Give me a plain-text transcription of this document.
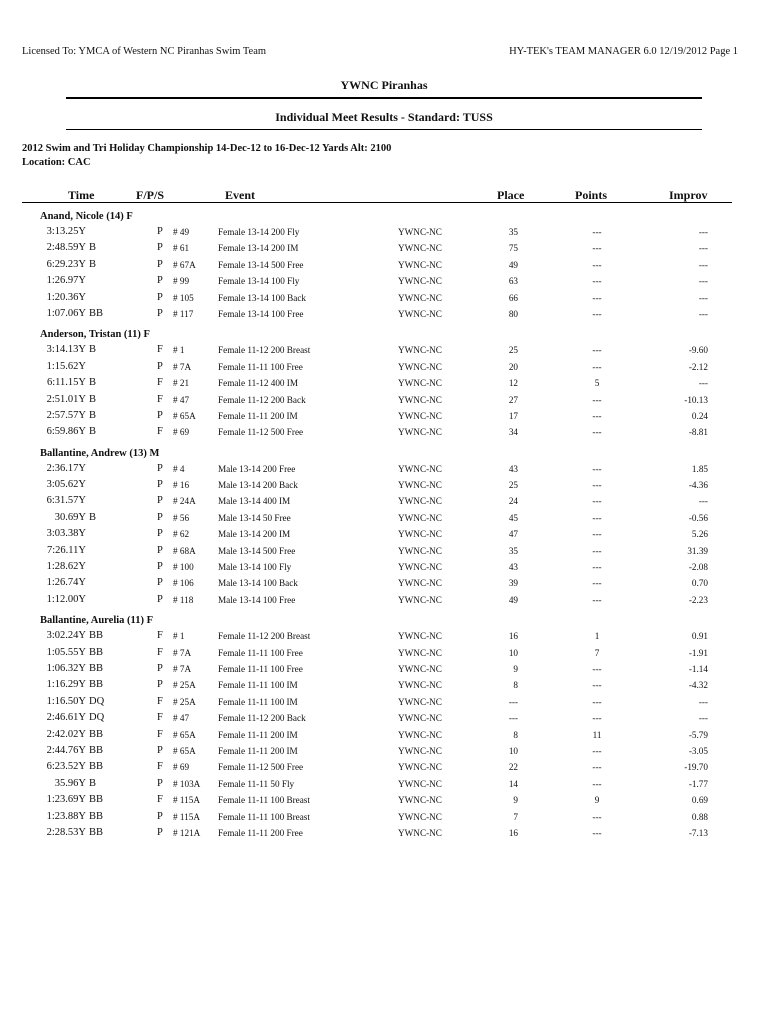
Licensed To: YMCA of Western NC Piranhas Swim Team	HY-TEK's TEAM MANAGER 6.0 12/19/2012 Page 1
YWNC Piranhas
Individual Meet Results - Standard: TUSS
2012 Swim and Tri Holiday Championship 14-Dec-12 to 16-Dec-12 Yards Alt: 2100
Location: CAC
Time	F/P/S	Event	Place	Points	Improv
Anand, Nicole (14) F
3:13.25Y	P # 49	Female 13-14 200 Fly	YWNC-NC	35	---	---
2:48.59Y B	P # 61	Female 13-14 200 IM	YWNC-NC	75	---	---
6:29.23Y B	P # 67A Female 13-14 500 Free	YWNC-NC	49	---	---
1:26.97Y	P # 99	Female 13-14 100 Fly	YWNC-NC	63	---	---
1:20.36Y	P # 105	Female 13-14 100 Back	YWNC-NC	66	---	---
1:07.06Y BB	P # 117	Female 13-14 100 Free	YWNC-NC	80	---	---
Anderson, Tristan (11) F
3:14.13Y B	F # 1	Female 11-12 200 Breast	YWNC-NC	25	---	-9.60
1:15.62Y	P # 7A	Female 11-11 100 Free	YWNC-NC	20	---	-2.12
6:11.15Y B	F # 21	Female 11-12 400 IM	YWNC-NC	12	5	---
2:51.01Y B	F # 47	Female 11-12 200 Back	YWNC-NC	27	---	-10.13
2:57.57Y B	P # 65A Female 11-11 200 IM	YWNC-NC	17	---	0.24
6:59.86Y B	F # 69	Female 11-12 500 Free	YWNC-NC	34	---	-8.81
Ballantine, Andrew (13) M
2:36.17Y	P # 4	Male 13-14 200 Free	YWNC-NC	43	---	1.85
3:05.62Y	P # 16	Male 13-14 200 Back	YWNC-NC	25	---	-4.36
6:31.57Y	P # 24A Male 13-14 400 IM	YWNC-NC	24	---	---
30.69Y B	P # 56	Male 13-14 50 Free	YWNC-NC	45	---	-0.56
3:03.38Y	P # 62	Male 13-14 200 IM	YWNC-NC	47	---	5.26
7:26.11Y	P # 68A Male 13-14 500 Free	YWNC-NC	35	---	31.39
1:28.62Y	P # 100	Male 13-14 100 Fly	YWNC-NC	43	---	-2.08
1:26.74Y	P # 106	Male 13-14 100 Back	YWNC-NC	39	---	0.70
1:12.00Y	P # 118	Male 13-14 100 Free	YWNC-NC	49	---	-2.23
Ballantine, Aurelia (11) F
3:02.24Y BB	F # 1	Female 11-12 200 Breast	YWNC-NC	16	1	0.91
1:05.55Y BB	F # 7A	Female 11-11 100 Free	YWNC-NC	10	7	-1.91
1:06.32Y BB	P # 7A	Female 11-11 100 Free	YWNC-NC	9	---	-1.14
1:16.29Y BB	P # 25A Female 11-11 100 IM	YWNC-NC	8	---	-4.32
1:16.50Y DQ	F # 25A Female 11-11 100 IM	YWNC-NC	---	---	---
2:46.61Y DQ	F # 47	Female 11-12 200 Back	YWNC-NC	---	---	---
2:42.02Y BB	F # 65A Female 11-11 200 IM	YWNC-NC	8	11	-5.79
2:44.76Y BB	P # 65A Female 11-11 200 IM	YWNC-NC	10	---	-3.05
6:23.52Y BB	F # 69	Female 11-12 500 Free	YWNC-NC	22	---	-19.70
35.96Y B	P # 103A Female 11-11 50 Fly	YWNC-NC	14	---	-1.77
1:23.69Y BB	F # 115A Female 11-11 100 Breast	YWNC-NC	9	9	0.69
1:23.88Y BB	P # 115A Female 11-11 100 Breast	YWNC-NC	7	---	0.88
2:28.53Y BB	P # 121A Female 11-11 200 Free	YWNC-NC	16	---	-7.13
